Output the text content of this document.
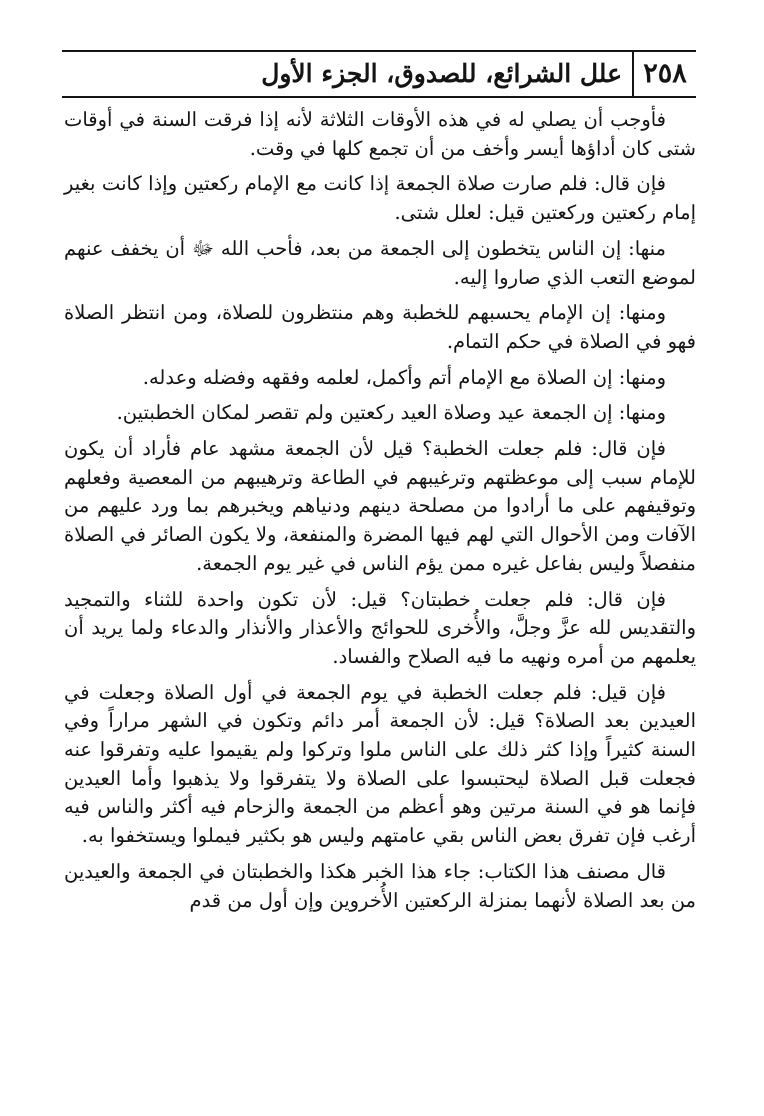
٢٥٨
علل الشرائع، للصدوق، الجزء الأول

فأوجب أن يصلي له في هذه الأوقات الثلاثة لأنه إذا فرقت السنة في أوقات شتى كان أداؤها أيسر وأخف من أن تجمع كلها في وقت.

فإن قال: فلم صارت صلاة الجمعة إذا كانت مع الإمام ركعتين وإذا كانت بغير إمام ركعتين وركعتين قيل: لعلل شتى.

منها: إن الناس يتخطون إلى الجمعة من بعد، فأحب الله ﷻ أن يخفف عنهم لموضع التعب الذي صاروا إليه.

ومنها: إن الإمام يحسبهم للخطبة وهم منتظرون للصلاة، ومن انتظر الصلاة فهو في الصلاة في حكم التمام.

ومنها: إن الصلاة مع الإمام أتم وأكمل، لعلمه وفقهه وفضله وعدله.

ومنها: إن الجمعة عيد وصلاة العيد ركعتين ولم تقصر لمكان الخطبتين.

فإن قال: فلم جعلت الخطبة؟ قيل لأن الجمعة مشهد عام فأراد أن يكون للإمام سبب إلى موعظتهم وترغيبهم في الطاعة وترهيبهم من المعصية وفعلهم وتوقيفهم على ما أرادوا من مصلحة دينهم ودنياهم ويخبرهم بما ورد عليهم من الآفات ومن الأحوال التي لهم فيها المضرة والمنفعة، ولا يكون الصائر في الصلاة منفصلاً وليس بفاعل غيره ممن يؤم الناس في غير يوم الجمعة.

فإن قال: فلم جعلت خطبتان؟ قيل: لأن تكون واحدة للثناء والتمجيد والتقديس لله عزَّ وجلَّ، والأُخرى للحوائج والأعذار والأنذار والدعاء ولما يريد أن يعلمهم من أمره ونهيه ما فيه الصلاح والفساد.

فإن قيل: فلم جعلت الخطبة في يوم الجمعة في أول الصلاة وجعلت في العيدين بعد الصلاة؟ قيل: لأن الجمعة أمر دائم وتكون في الشهر مراراً وفي السنة كثيراً وإذا كثر ذلك على الناس ملوا وتركوا ولم يقيموا عليه وتفرقوا عنه فجعلت قبل الصلاة ليحتبسوا على الصلاة ولا يتفرقوا ولا يذهبوا وأما العيدين فإنما هو في السنة مرتين وهو أعظم من الجمعة والزحام فيه أكثر والناس فيه أرغب فإن تفرق بعض الناس بقي عامتهم وليس هو بكثير فيملوا ويستخفوا به.

قال مصنف هذا الكتاب: جاء هذا الخبر هكذا والخطبتان في الجمعة والعيدين من بعد الصلاة لأنهما بمنزلة الركعتين الأُخروين وإن أول من قدم
